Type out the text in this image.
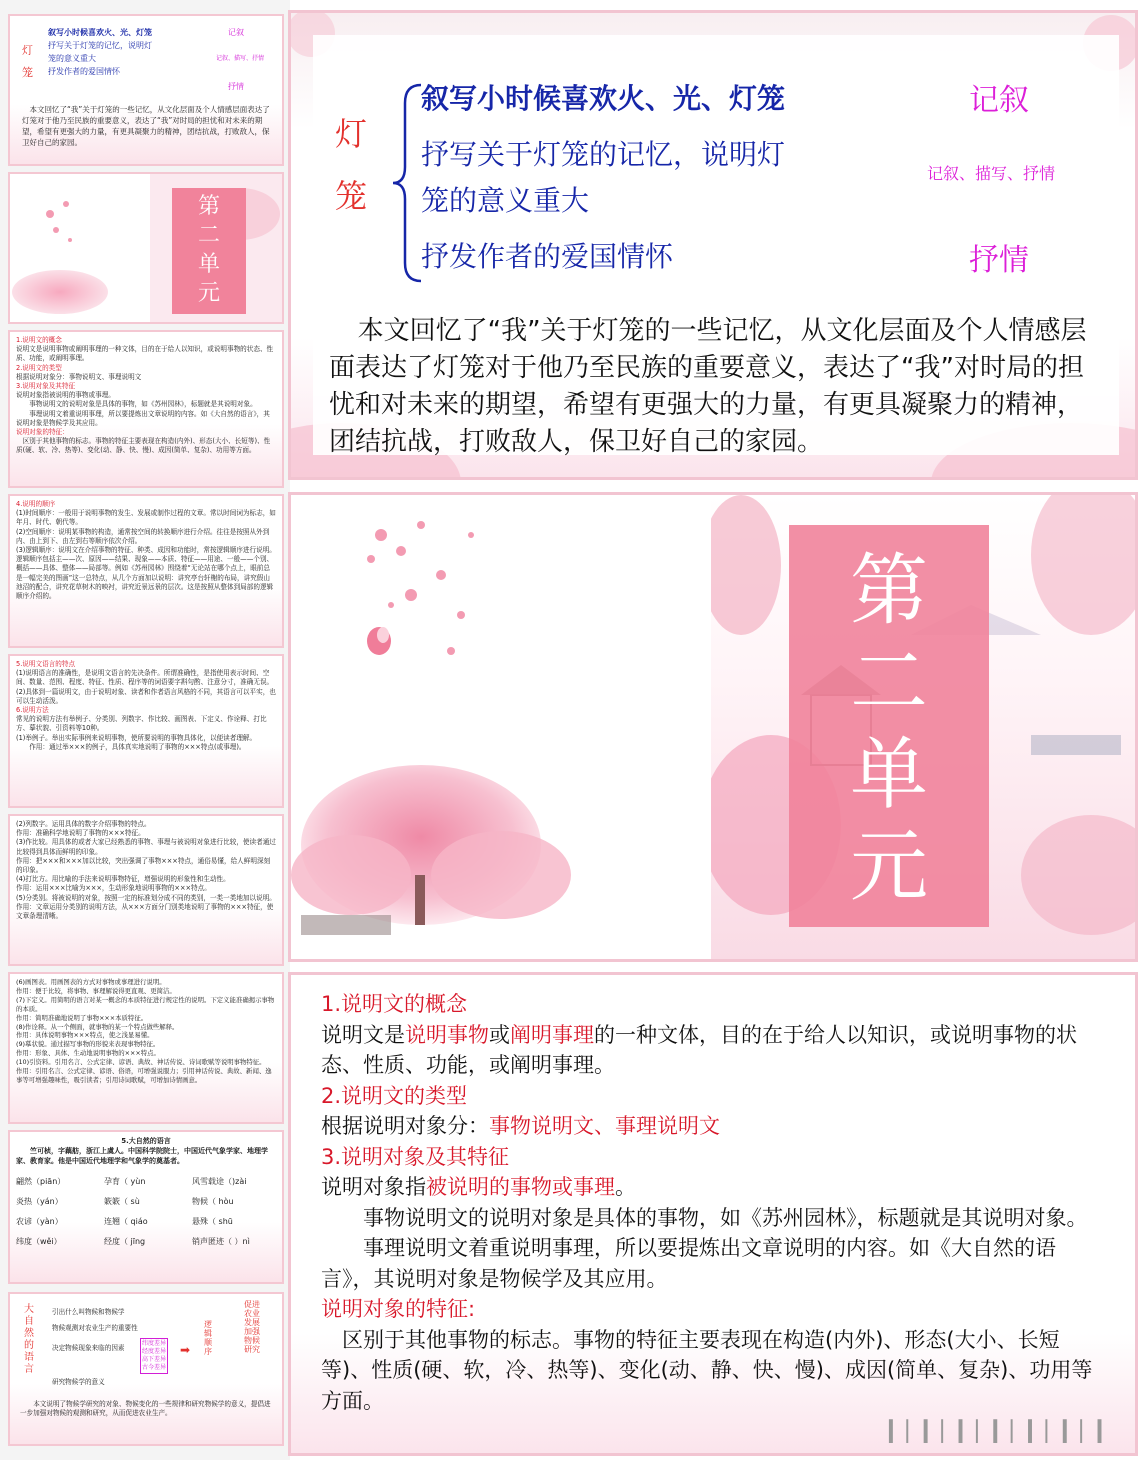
灯
笼
叙写小时候喜欢火、光、灯笼
抒写关于灯笼的记忆，说明灯
笼的意义重大
抒发作者的爱国情怀
记叙
记叙、描写、抒情
抒情
本文回忆了“我”关于灯笼的一些记忆，从文化层面及个人情感层面表达了灯笼对于他乃至民族的重要意义，表达了“我”对时局的担忧和对未来的期望，希望有更强大的力量，有更具凝聚力的精神，团结抗战，打败敌人，保卫好自己的家园。
第
二
单
元
1.说明文的概念
说明文是说明事物或阐明事理的一种文体，目的在于给人以知识，或说明事物的状态、性质、功能，或阐明事理。
2.说明文的类型
根据说明对象分：事物说明文、事理说明文
3.说明对象及其特征
说明对象指被说明的事物或事理。
事物说明文的说明对象是具体的事物，如《苏州园林》，标题就是其说明对象。
事理说明文着重说明事理，所以要提炼出文章说明的内容。如《大自然的语言》，其说明对象是物候学及其应用。
说明对象的特征：
区别于其他事物的标志。事物的特征主要表现在构造(内外)、形态(大小、长短等)、性质(硬、软、冷、热等)、变化(动、静、快、慢)、成因(简单、复杂)、功用等方面。
4.说明的顺序
(1)时间顺序：一般用于说明事物的发生、发展或制作过程的文章。常以时间词为标志，如年月、时代、朝代等。
(2)空间顺序：说明某事物的构造，通常按空间的转换顺序进行介绍。往往是按照从外到内、由上到下、由左到右等顺序依次介绍。
(3)逻辑顺序：说明文在介绍事物的特征、种类、成因和功能时，常按逻辑顺序进行说明。逻辑顺序包括主——次、原因——结果、现象——本质、特征——用途、一般——个别、概括——具体、整体——局部等。例如《苏州园林》围绕着“无论站在哪个点上，眼前总是一幅完美的图画”这一总特点，从几个方面加以说明：讲究亭台轩榭的布局，讲究假山池沼的配合，讲究花草树木的映衬，讲究近景远景的层次。这是按照从整体到局部的逻辑顺序介绍的。
5.说明文语言的特点
(1)说明语言的准确性，是说明文语言的先决条件。所谓准确性，是指使用表示时间、空间、数量、范围、程度、特征、性质、程序等的词语要字斟句酌、注意分寸，准确无误。
(2)具体到一篇说明文，由于说明对象、读者和作者语言风格的不同，其语言可以平实，也可以生动活泼。
6.说明方法
常见的说明方法有举例子、分类别、列数字、作比较、画图表、下定义、作诠释、打比方、摹状貌、引资料等10种。
(1)举例子。举出实际事例来说明事物，使所要说明的事物具体化，以便读者理解。
作用：通过举×××的例子，具体真实地说明了事物的×××特点(或事理)。
(2)列数字。运用具体的数字介绍事物的特点。
作用：准确科学地说明了事物的×××特征。
(3)作比较。用具体的或者大家已经熟悉的事物、事理与被说明对象进行比较，使读者通过比较得到具体而鲜明的印象。
作用：把×××和×××加以比较，突出强调了事物×××特点，通俗易懂，给人鲜明深刻的印象。
(4)打比方。用比喻的手法来说明事物特征，增强说明的形象性和生动性。
作用：运用×××比喻为×××，生动形象地说明事物的×××特点。
(5)分类别。将被说明的对象，按照一定的标准划分成不同的类别，一类一类地加以说明。
作用：文章运用分类别的说明方法，从×××方面分门别类地说明了事物的×××特征，使文章条理清晰。
(6)画图表。用画图表的方式对事物或事理进行说明。
作用：便于比较，将事物、事理解说得更直观、更简洁。
(7)下定义。用简明的语言对某一概念的本质特征进行规定性的说明。下定义能准确揭示事物的本质。
作用：简明准确地说明了事物×××本质特征。
(8)作诠释。从一个侧面，就事物的某一个特点做些解释。
作用：具体说明事物×××特点，使之浅显易懂。
(9)摹状貌。通过描写事物的形貌来表现事物特征。
作用：形象、具体、生动地说明事物的×××特点。
(10)引资料。引用名言、公式定律、谚语、典故、神话传说、诗词歌赋等说明事物特征。
作用：引用名言、公式定律、谚语、俗语，可增强说服力；引用神话传说、典故、新闻、逸事等可增强趣味性，吸引读者；引用诗词歌赋，可增加诗情画意。
5.大自然的语言
竺可桢，字藕舫，浙江上虞人。中国科学院院士，中国近代气象学家、地理学家、教育家。他是中国近代地理学和气象学的奠基者。
翩然（piān）	孕育（ yùn	风雪载途（)zài
炎热（yán）	簌簌（ sù	物候（ hòu
农谚（yàn）	连翘（ qiáo	悬殊（ shū
纬度（wěi）	经度（ jīng	销声匿迹（ ）nì
大自然的语言
引出什么叫物候和物候学
物候观测对农业生产的重要性
决定物候现象来临的因素
研究物候学的意义
纬度差异
经度差异
高下差异
古今差异
➡
逻辑顺序
促进农业发展加强物候研究
本文说明了物候学研究的对象、物候变化的一些规律和研究物候学的意义，提倡进一步加强对物候的观测和研究，从而促进农业生产。
灯
笼
叙写小时候喜欢火、光、灯笼
抒写关于灯笼的记忆，说明灯
笼的意义重大
抒发作者的爱国情怀
记叙
记叙、描写、抒情
抒情
本文回忆了“我”关于灯笼的一些记忆，从文化层面及个人情感层面表达了灯笼对于他乃至民族的重要意义，表达了“我”对时局的担忧和对未来的期望，希望有更强大的力量，有更具凝聚力的精神，团结抗战，打败敌人，保卫好自己的家园。
第
二
单
元
1.说明文的概念
说明文是说明事物或阐明事理的一种文体，目的在于给人以知识，或说明事物的状态、性质、功能，或阐明事理。
2.说明文的类型
根据说明对象分：事物说明文、事理说明文
3.说明对象及其特征
说明对象指被说明的事物或事理。
事物说明文的说明对象是具体的事物，如《苏州园林》，标题就是其说明对象。
事理说明文着重说明事理，所以要提炼出文章说明的内容。如《大自然的语言》，其说明对象是物候学及其应用。
说明对象的特征:
区别于其他事物的标志。事物的特征主要表现在构造(内外)、形态(大小、长短等)、性质(硬、软，冷、热等)、变化(动、静、快、慢)、成因(简单、复杂)、功用等方面。
▎▏▎▏▎▏▎▏▎▏▎▏▎
